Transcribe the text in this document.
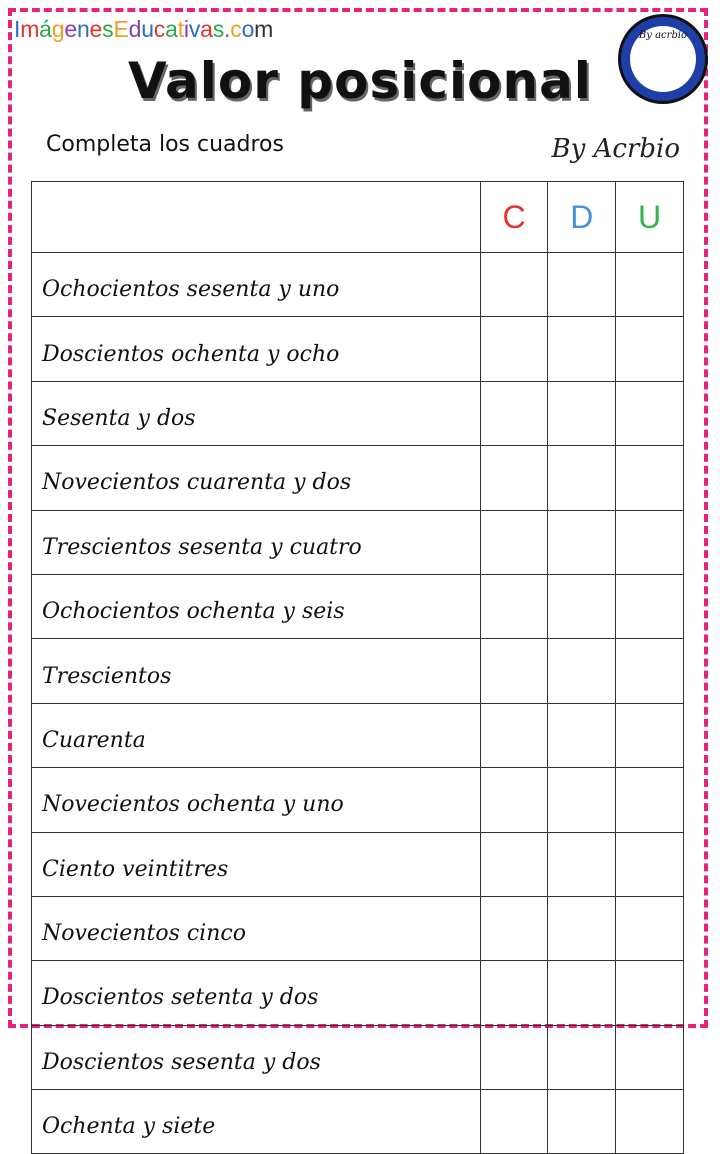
ImágenesEducativas.com	By acrbio
Valor posicional
Completa los cuadros	By Acrbio
	C	D	U
Ochocientos sesenta y uno			
Doscientos ochenta y ocho			
Sesenta y dos			
Novecientos cuarenta y dos			
Trescientos sesenta y cuatro			
Ochocientos ochenta y seis			
Trescientos			
Cuarenta			
Novecientos ochenta y uno			
Ciento veintitres			
Novecientos cinco			
Doscientos setenta y dos			
Doscientos sesenta y dos			
Ochenta y siete			
